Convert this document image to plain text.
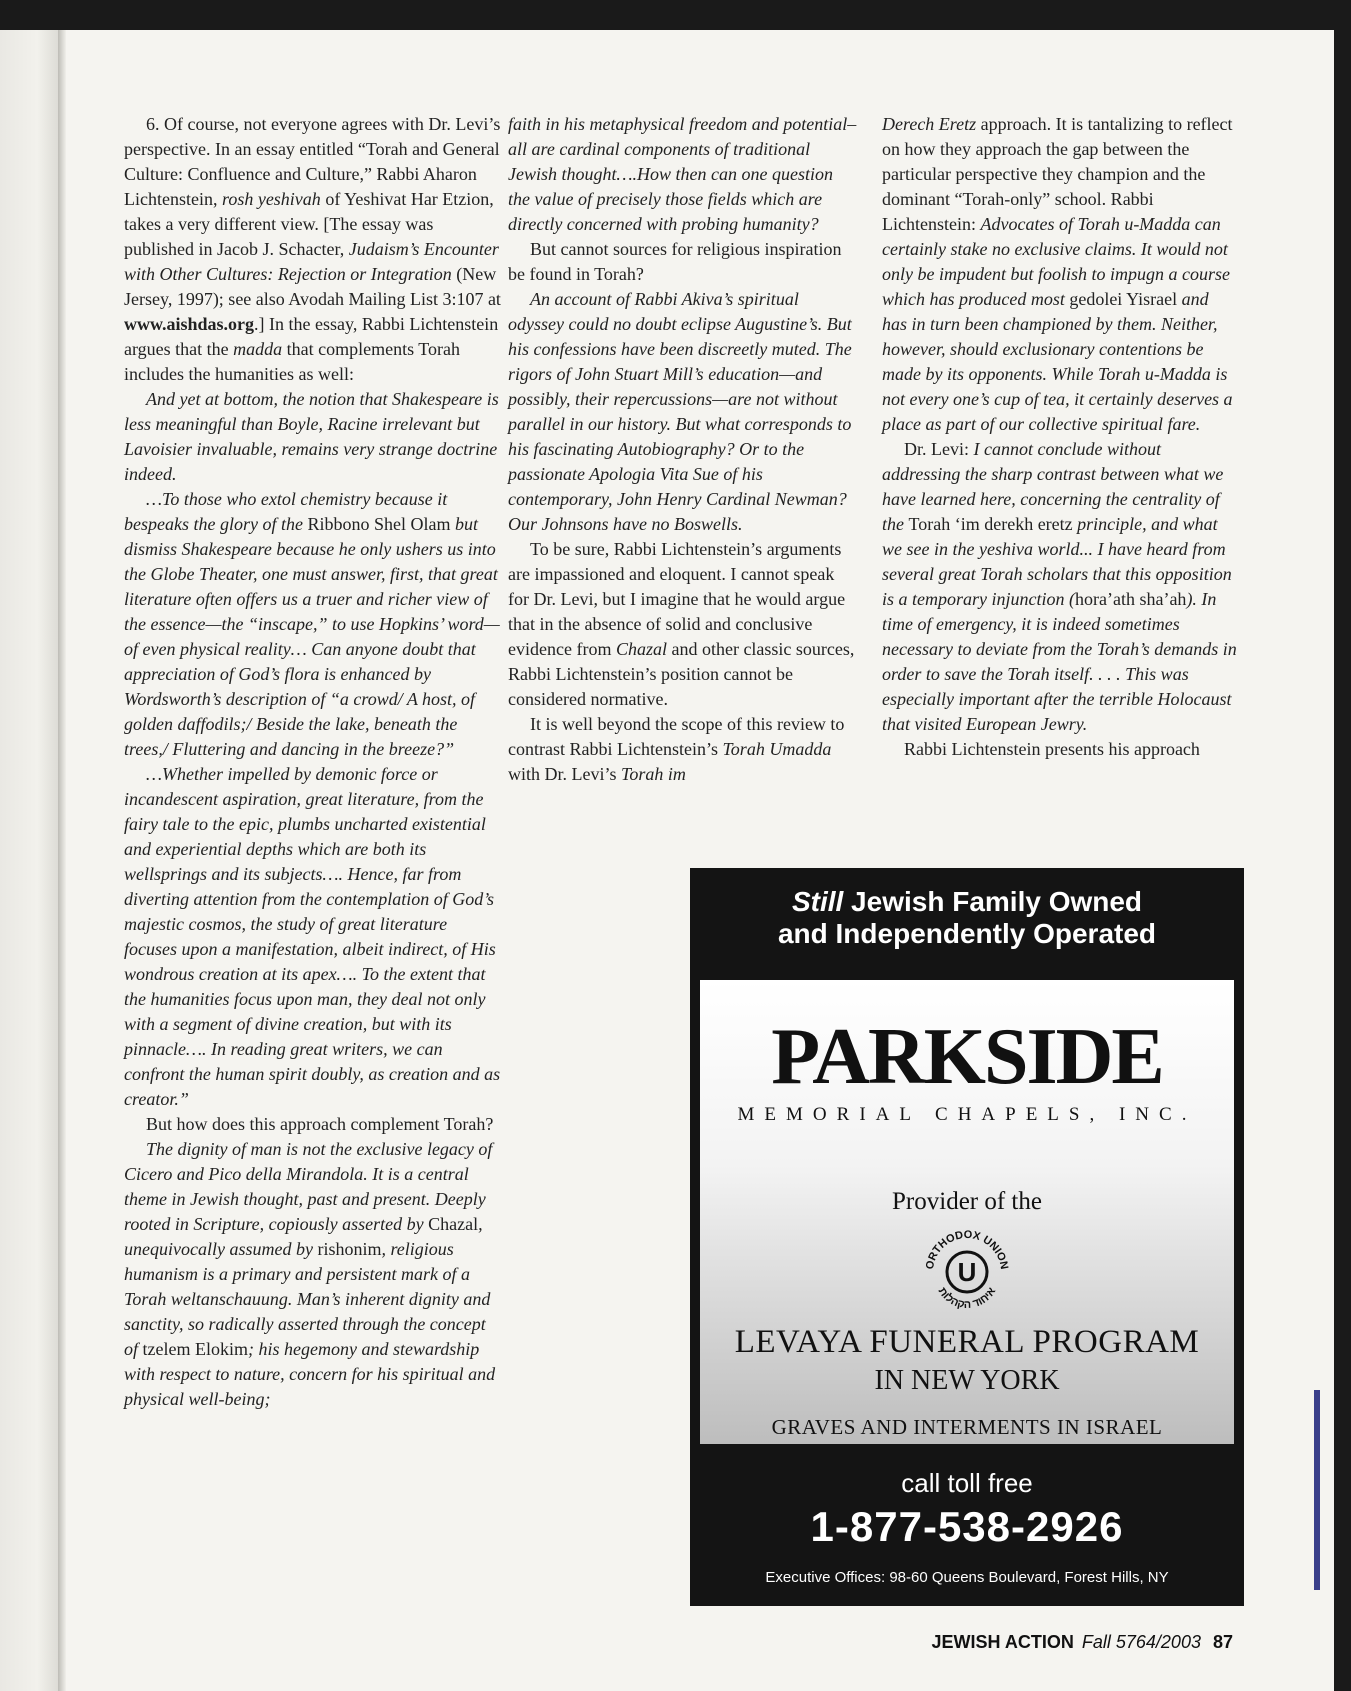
6. Of course, not everyone agrees with Dr. Levi’s perspective. In an essay entitled “Torah and General Culture: Confluence and Culture,” Rabbi Aharon Lichtenstein, rosh yeshivah of Yeshivat Har Etzion, takes a very different view. [The essay was published in Jacob J. Schacter, Judaism’s Encounter with Other Cultures: Rejection or Integration (New Jersey, 1997); see also Avodah Mailing List 3:107 at www.aishdas.org.] In the essay, Rabbi Lichtenstein argues that the madda that complements Torah includes the humanities as well:

And yet at bottom, the notion that Shakespeare is less meaningful than Boyle, Racine irrelevant but Lavoisier invaluable, remains very strange doctrine indeed.

…To those who extol chemistry because it bespeaks the glory of the Ribbono Shel Olam but dismiss Shakespeare because he only ushers us into the Globe Theater, one must answer, first, that great literature often offers us a truer and richer view of the essence—the “inscape,” to use Hopkins’ word—of even physical reality… Can anyone doubt that appreciation of God’s flora is enhanced by Wordsworth’s description of “a crowd/ A host, of golden daffodils;/ Beside the lake, beneath the trees,/ Fluttering and dancing in the breeze?”

…Whether impelled by demonic force or incandescent aspiration, great literature, from the fairy tale to the epic, plumbs uncharted existential and experiential depths which are both its wellsprings and its subjects…. Hence, far from diverting attention from the contemplation of God’s majestic cosmos, the study of great literature focuses upon a manifestation, albeit indirect, of His wondrous creation at its apex…. To the extent that the humanities focus upon man, they deal not only with a segment of divine creation, but with its pinnacle…. In reading great writers, we can confront the human spirit doubly, as creation and as creator.”

But how does this approach complement Torah?

The dignity of man is not the exclusive legacy of Cicero and Pico della Mirandola. It is a central theme in Jewish thought, past and present. Deeply rooted in Scripture, copiously asserted by Chazal, unequivocally assumed by rishonim, religious humanism is a primary and persistent mark of a Torah weltanschauung. Man’s inherent dignity and sanctity, so radically asserted through the concept of tzelem Elokim; his hegemony and stewardship with respect to nature, concern for his spiritual and physical well-being;

faith in his metaphysical freedom and potential–all are cardinal components of traditional Jewish thought….How then can one question the value of precisely those fields which are directly concerned with probing humanity?

But cannot sources for religious inspiration be found in Torah?

An account of Rabbi Akiva’s spiritual odyssey could no doubt eclipse Augustine’s. But his confessions have been discreetly muted. The rigors of John Stuart Mill’s education—and possibly, their repercussions—are not without parallel in our history. But what corresponds to his fascinating Autobiography? Or to the passionate Apologia Vita Sue of his contemporary, John Henry Cardinal Newman? Our Johnsons have no Boswells.

To be sure, Rabbi Lichtenstein’s arguments are impassioned and eloquent. I cannot speak for Dr. Levi, but I imagine that he would argue that in the absence of solid and conclusive evidence from Chazal and other classic sources, Rabbi Lichtenstein’s position cannot be considered normative.

It is well beyond the scope of this review to contrast Rabbi Lichtenstein’s Torah Umadda with Dr. Levi’s Torah im

Derech Eretz approach. It is tantalizing to reflect on how they approach the gap between the particular perspective they champion and the dominant “Torah-only” school. Rabbi Lichtenstein: Advocates of Torah u-Madda can certainly stake no exclusive claims. It would not only be impudent but foolish to impugn a course which has produced most gedolei Yisrael and has in turn been championed by them. Neither, however, should exclusionary contentions be made by its opponents. While Torah u-Madda is not every one’s cup of tea, it certainly deserves a place as part of our collective spiritual fare.

Dr. Levi: I cannot conclude without addressing the sharp contrast between what we have learned here, concerning the centrality of the Torah ‘im derekh eretz principle, and what we see in the yeshiva world... I have heard from several great Torah scholars that this opposition is a temporary injunction (hora’ath sha’ah). In time of emergency, it is indeed sometimes necessary to deviate from the Torah’s demands in order to save the Torah itself. . . . This was especially important after the terrible Holocaust that visited European Jewry.

Rabbi Lichtenstein presents his approach

Still Jewish Family Owned
and Independently Operated
PARKSIDE
MEMORIAL CHAPELS, INC.
Provider of the
U
ORTHODOX UNION
איחוד הקהלות
LEVAYA FUNERAL PROGRAM
IN NEW YORK
GRAVES AND INTERMENTS IN ISRAEL
call toll free
1-877-538-2926
Executive Offices: 98-60 Queens Boulevard, Forest Hills, NY
JEWISH ACTION Fall 5764/2003 87
